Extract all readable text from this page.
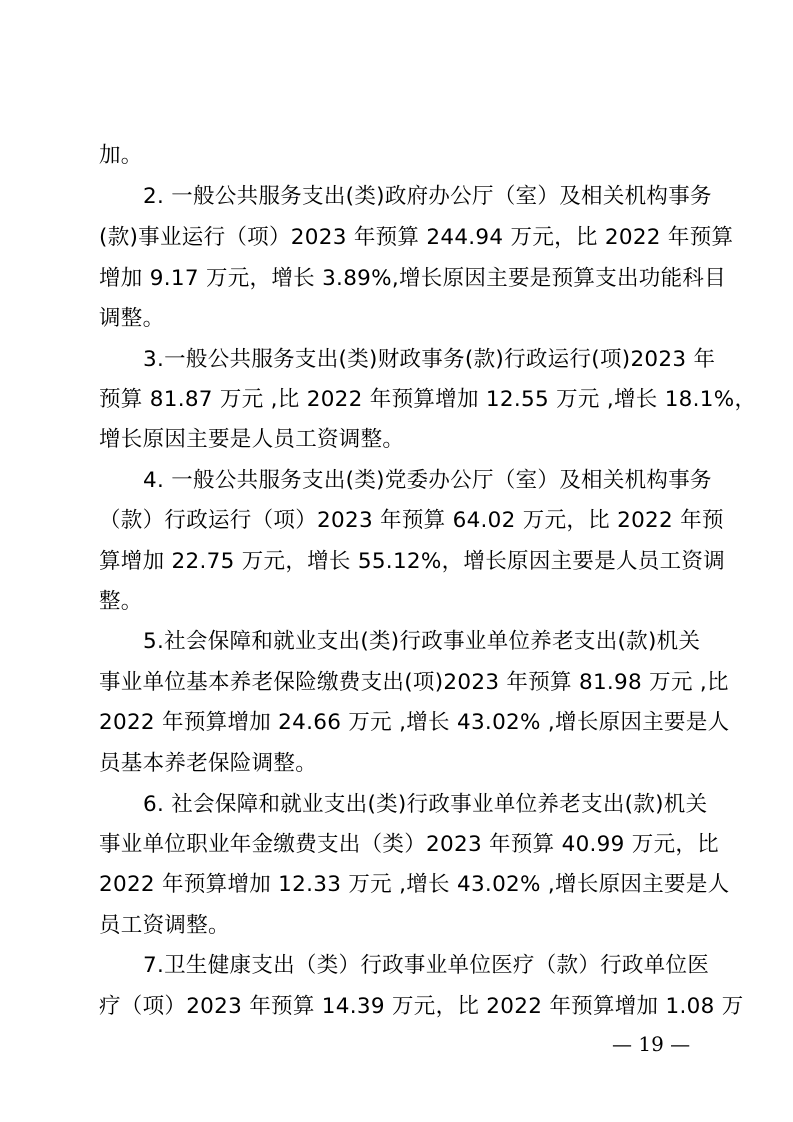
加。
2. 一般公共服务支出(类)政府办公厅（室）及相关机构事务
(款)事业运行（项）2023 年预算 244.94 万元，比 2022 年预算
增加 9.17 万元，增长 3.89%,增长原因主要是预算支出功能科目
调整。
3.一般公共服务支出(类)财政事务(款)行政运行(项)2023 年
预算 81.87 万元 ,比 2022 年预算增加 12.55 万元 ,增长 18.1%，
增长原因主要是人员工资调整。
4. 一般公共服务支出(类)党委办公厅（室）及相关机构事务
（款）行政运行（项）2023 年预算 64.02 万元，比 2022 年预
算增加 22.75 万元，增长 55.12%，增长原因主要是人员工资调
整。
5.社会保障和就业支出(类)行政事业单位养老支出(款)机关
事业单位基本养老保险缴费支出(项)2023 年预算 81.98 万元 ,比
2022 年预算增加 24.66 万元 ,增长 43.02% ,增长原因主要是人
员基本养老保险调整。
6. 社会保障和就业支出(类)行政事业单位养老支出(款)机关
事业单位职业年金缴费支出（类）2023 年预算 40.99 万元，比
2022 年预算增加 12.33 万元 ,增长 43.02% ,增长原因主要是人
员工资调整。
7.卫生健康支出（类）行政事业单位医疗（款）行政单位医
疗（项）2023 年预算 14.39 万元，比 2022 年预算增加 1.08 万
— 19 —
